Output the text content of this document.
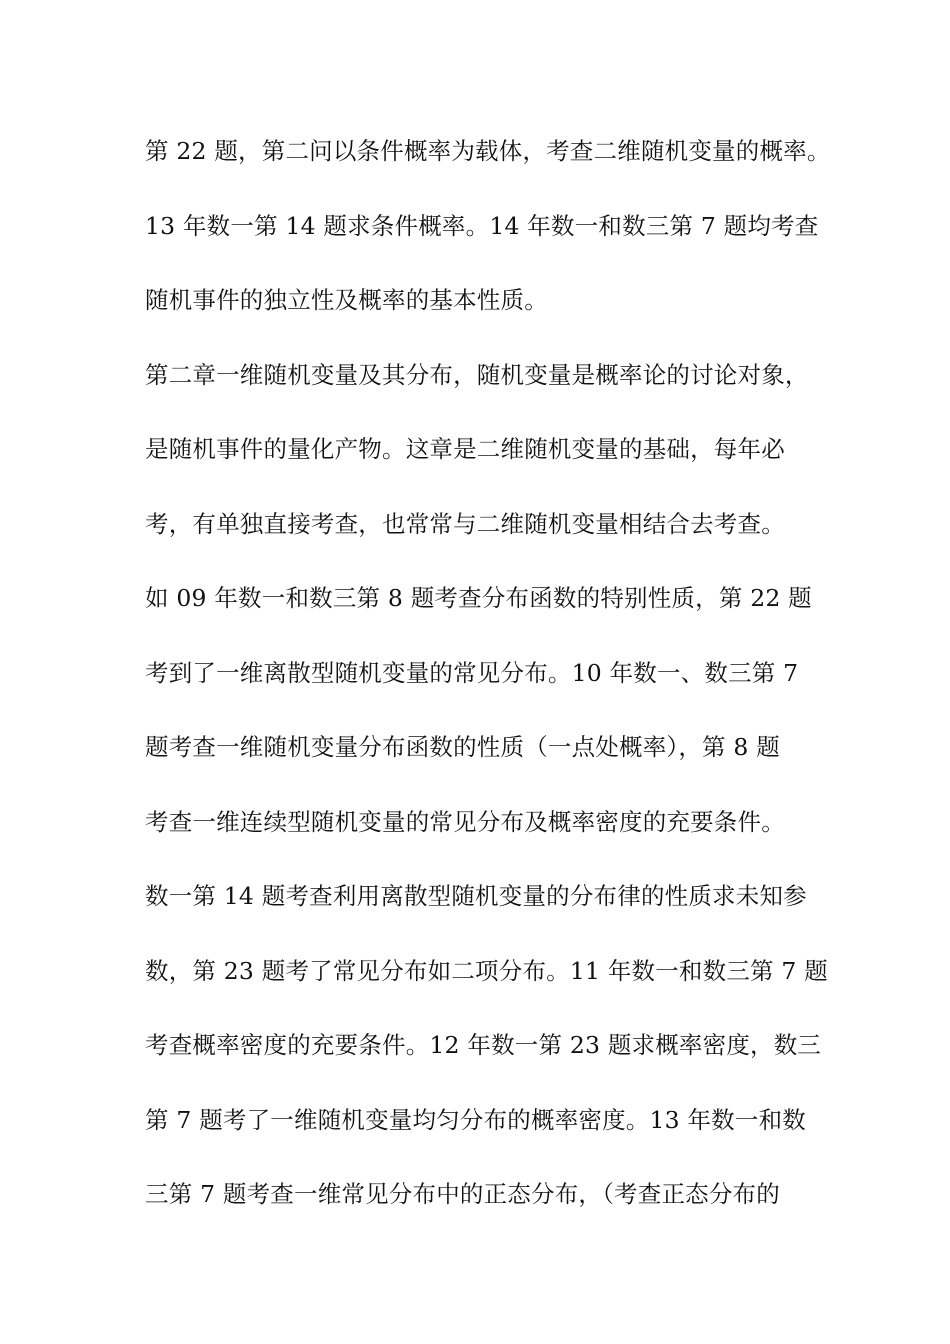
第 22 题，第二问以条件概率为载体，考查二维随机变量的概率。
13 年数一第 14 题求条件概率。14 年数一和数三第 7 题均考查
随机事件的独立性及概率的基本性质。
第二章一维随机变量及其分布，随机变量是概率论的讨论对象，
是随机事件的量化产物。这章是二维随机变量的基础，每年必
考，有单独直接考查，也常常与二维随机变量相结合去考查。
如 09 年数一和数三第 8 题考查分布函数的特别性质，第 22 题
考到了一维离散型随机变量的常见分布。10 年数一、数三第 7
题考查一维随机变量分布函数的性质（一点处概率），第 8 题
考查一维连续型随机变量的常见分布及概率密度的充要条件。
数一第 14 题考查利用离散型随机变量的分布律的性质求未知参
数，第 23 题考了常见分布如二项分布。11 年数一和数三第 7 题
考查概率密度的充要条件。12 年数一第 23 题求概率密度，数三
第 7 题考了一维随机变量均匀分布的概率密度。13 年数一和数
三第 7 题考查一维常见分布中的正态分布，（考查正态分布的
